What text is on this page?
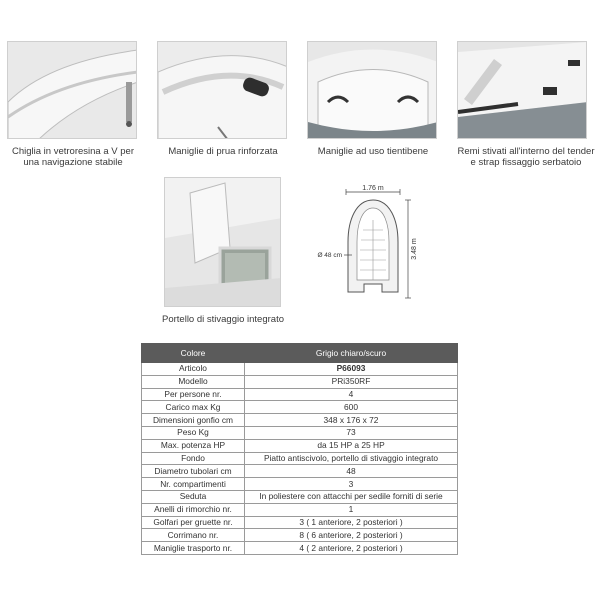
Chiglia in vetroresina a V per
una navigazione stabile
Maniglie di prua rinforzata	Maniglie ad uso tientibene	Remi stivati all'interno del tender
e strap fissaggio serbatoio
Portello di stivaggio integrato
1.76 m
3.48 m
Ø 48 cm
Colore	Grigio chiaro/scuro
Articolo	P66093
Modello	PRi350RF
Per persone nr.	4
Carico max Kg	600
Dimensioni gonfio cm	348 x 176 x 72
Peso Kg	73
Max. potenza HP	da 15 HP a 25 HP
Fondo	Piatto antiscivolo, portello di stivaggio integrato
Diametro tubolari cm	48
Nr. compartimenti	3
Seduta	In poliestere con attacchi per sedile forniti di serie
Anelli di rimorchio nr.	1
Golfari per gruette nr.	3 ( 1 anteriore, 2 posteriori )
Corrimano nr.	8 ( 6 anteriore, 2 posteriori )
Maniglie trasporto nr.	4 ( 2 anteriore, 2 posteriori )
